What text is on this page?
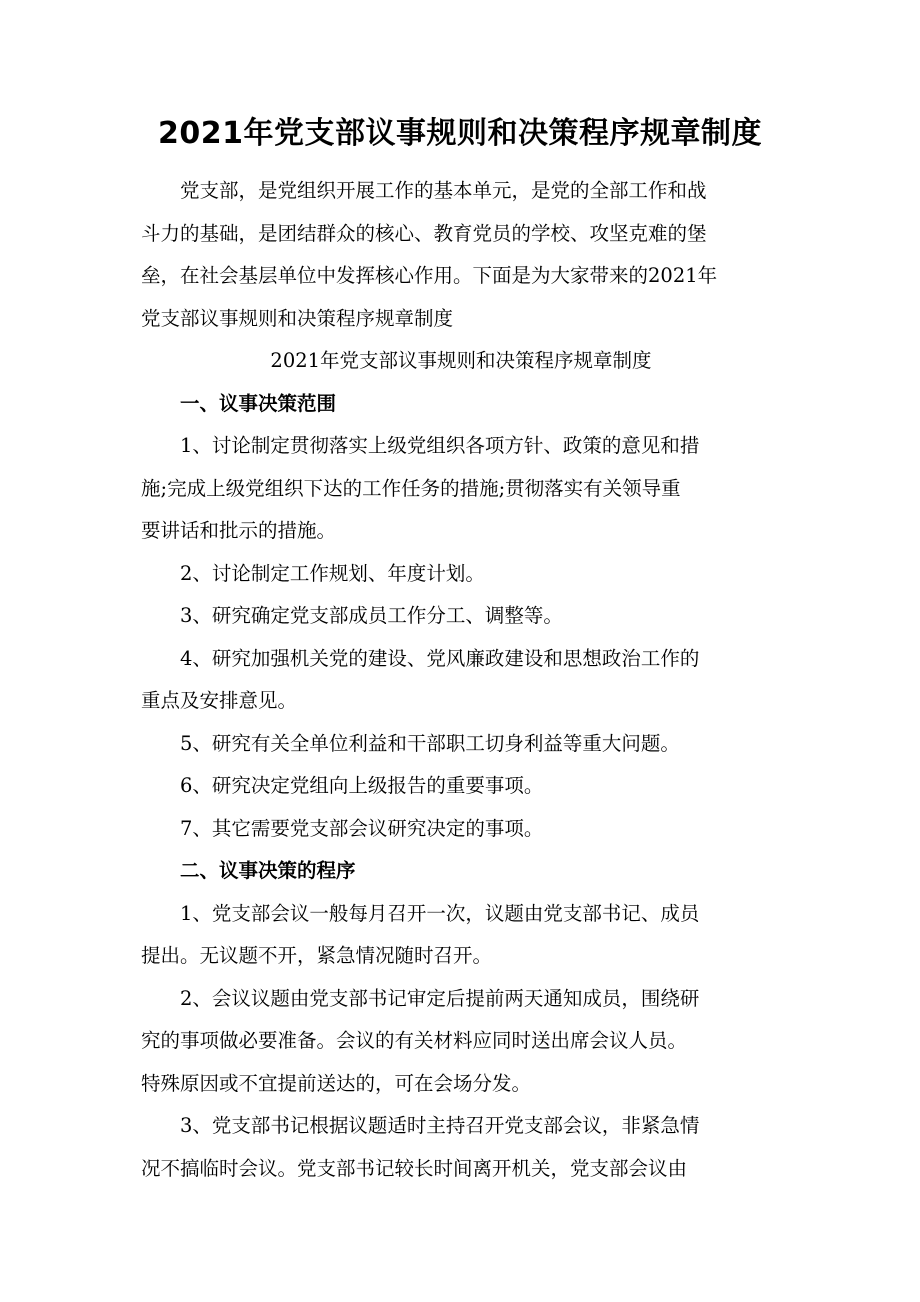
2021年党支部议事规则和决策程序规章制度
党支部，是党组织开展工作的基本单元，是党的全部工作和战
斗力的基础，是团结群众的核心、教育党员的学校、攻坚克难的堡
垒，在社会基层单位中发挥核心作用。下面是为大家带来的2021年
党支部议事规则和决策程序规章制度
2021年党支部议事规则和决策程序规章制度
一、议事决策范围
1、讨论制定贯彻落实上级党组织各项方针、政策的意见和措
施;完成上级党组织下达的工作任务的措施;贯彻落实有关领导重
要讲话和批示的措施。
2、讨论制定工作规划、年度计划。
3、研究确定党支部成员工作分工、调整等。
4、研究加强机关党的建设、党风廉政建设和思想政治工作的
重点及安排意见。
5、研究有关全单位利益和干部职工切身利益等重大问题。
6、研究决定党组向上级报告的重要事项。
7、其它需要党支部会议研究决定的事项。
二、议事决策的程序
1、党支部会议一般每月召开一次，议题由党支部书记、成员
提出。无议题不开，紧急情况随时召开。
2、会议议题由党支部书记审定后提前两天通知成员，围绕研
究的事项做必要准备。会议的有关材料应同时送出席会议人员。
特殊原因或不宜提前送达的，可在会场分发。
3、党支部书记根据议题适时主持召开党支部会议，非紧急情
况不搞临时会议。党支部书记较长时间离开机关，党支部会议由
